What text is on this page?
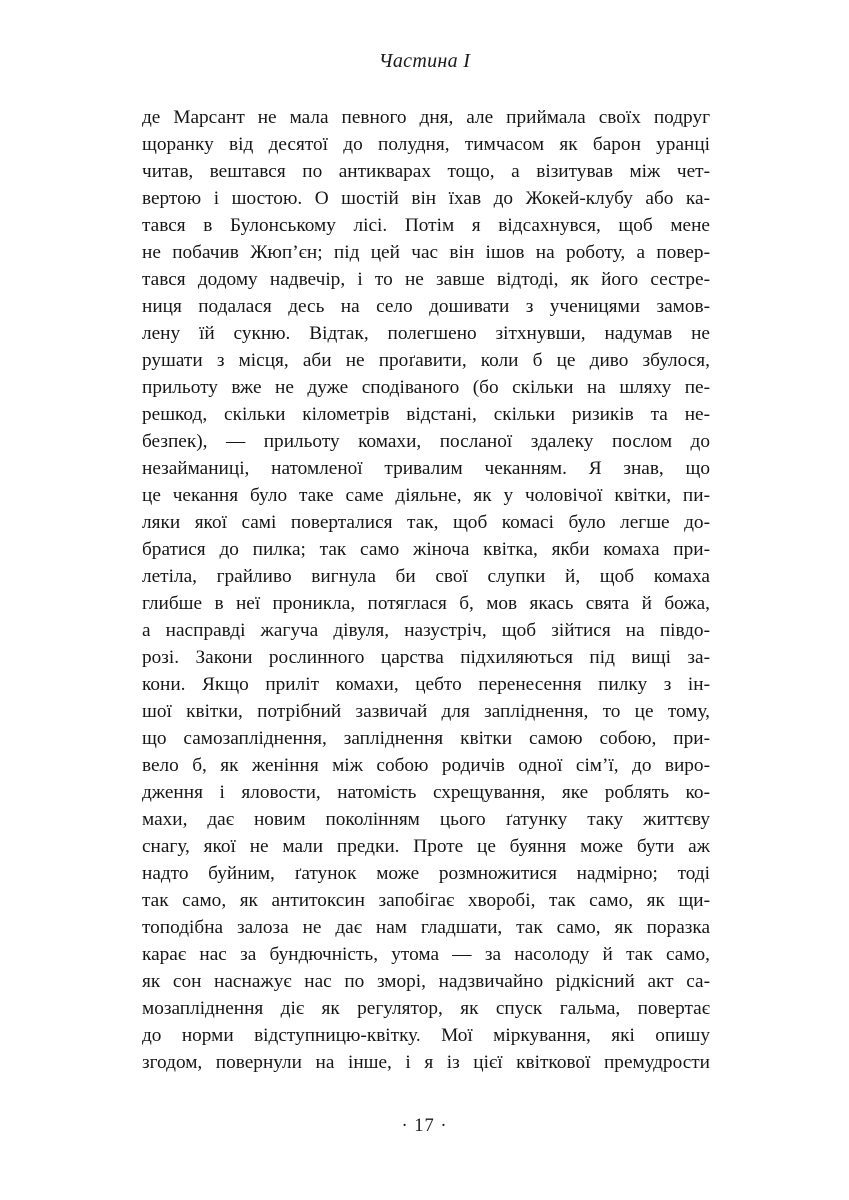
Частина I
де Марсант не мала певного дня, але приймала своїх подруг
щоранку від десятої до полудня, тимчасом як барон уранці
читав, вештався по антикварах тощо, а візитував між чет-
вертою і шостою. О шостій він їхав до Жокей-клубу або ка-
тався в Булонському лісі. Потім я відсахнувся, щоб мене
не побачив Жюп’єн; під цей час він ішов на роботу, а повер-
тався додому надвечір, і то не завше відтоді, як його сестре-
ниця подалася десь на село дошивати з ученицями замов-
лену їй сукню. Відтак, полегшено зітхнувши, надумав не
рушати з місця, аби не проґавити, коли б це диво збулося,
прильоту вже не дуже сподіваного (бо скільки на шляху пе-
решкод, скільки кілометрів відстані, скільки ризиків та не-
безпек), — прильоту комахи, посланої здалеку послом до
незайманиці, натомленої тривалим чеканням. Я знав, що
це чекання було таке саме діяльне, як у чоловічої квітки, пи-
ляки якої самі поверталися так, щоб комасі було легше до-
братися до пилка; так само жіноча квітка, якби комаха при-
летіла, грайливо вигнула би свої слупки й, щоб комаха
глибше в неї проникла, потяглася б, мов якась свята й божа,
а насправді жагуча дівуля, назустріч, щоб зійтися на півдо-
розі. Закони рослинного царства підхиляються під вищі за-
кони. Якщо приліт комахи, цебто перенесення пилку з ін-
шої квітки, потрібний зазвичай для запліднення, то це тому,
що самозапліднення, запліднення квітки самою собою, при-
вело б, як женіння між собою родичів одної сім’ї, до виро-
дження і яловости, натомість схрещування, яке роблять ко-
махи, дає новим поколінням цього ґатунку таку життєву
снагу, якої не мали предки. Проте це буяння може бути аж
надто буйним, ґатунок може розмножитися надмірно; тоді
так само, як антитоксин запобігає хворобі, так само, як щи-
топодібна залоза не дає нам гладшати, так само, як поразка
карає нас за бундючність, утома — за насолоду й так само,
як сон наснажує нас по зморі, надзвичайно рідкісний акт са-
мозапліднення діє як регулятор, як спуск гальма, повертає
до норми відступницю-квітку. Мої міркування, які опишу
згодом, повернули на інше, і я із цієї квіткової премудрости
· 17 ·
